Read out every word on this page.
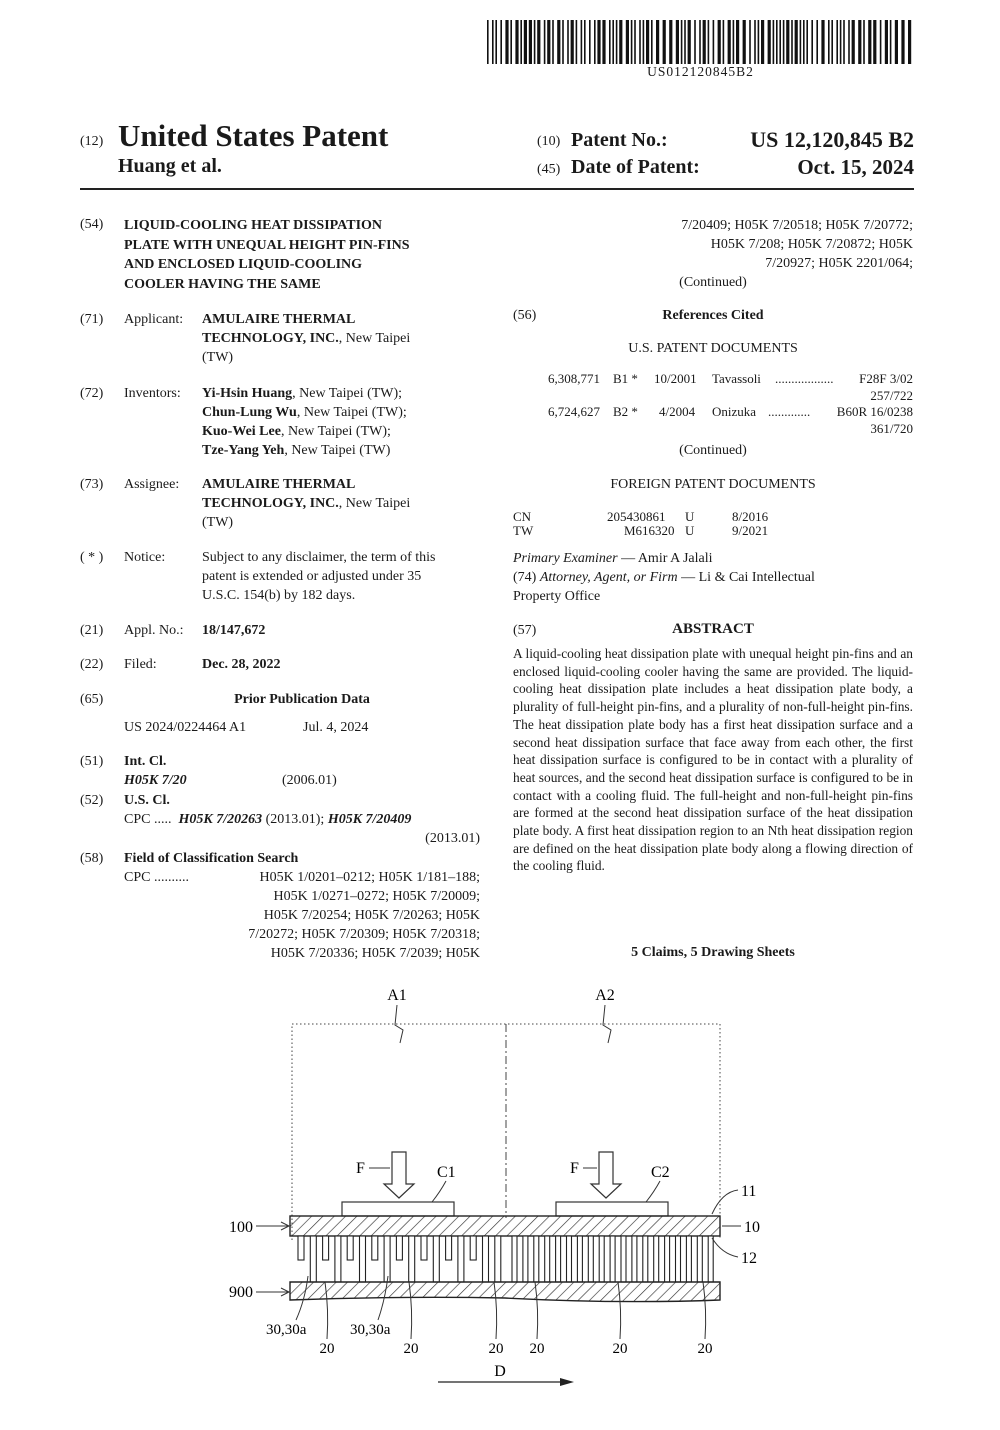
US012120845B2
(12) United States Patent
Huang et al.
(10) Patent No.:	US 12,120,845 B2
(45) Date of Patent:	Oct. 15, 2024
(54) LIQUID-COOLING HEAT DISSIPATION
PLATE WITH UNEQUAL HEIGHT PIN-FINS
AND ENCLOSED LIQUID-COOLING
COOLER HAVING THE SAME
(71) Applicant: AMULAIRE THERMAL
TECHNOLOGY, INC., New Taipei
(TW)
(72) Inventors: Yi-Hsin Huang, New Taipei (TW);
Chun-Lung Wu, New Taipei (TW);
Kuo-Wei Lee, New Taipei (TW);
Tze-Yang Yeh, New Taipei (TW)
(73) Assignee: AMULAIRE THERMAL
TECHNOLOGY, INC., New Taipei
(TW)
( * ) Notice:	Subject to any disclaimer, the term of this
patent is extended or adjusted under 35
U.S.C. 154(b) by 182 days.
(21) Appl. No.: 18/147,672
(22) Filed:	Dec. 28, 2022
(65)	Prior Publication Data
US 2024/0224464 A1	Jul. 4, 2024
(51) Int. Cl.
H05K 7/20	(2006.01)
(52) U.S. Cl.
CPC ..... H05K 7/20263 (2013.01); H05K 7/20409
(2013.01)
(58) Field of Classification Search
CPC ..........	H05K 1/0201–0212; H05K 1/181–188;
H05K 1/0271–0272; H05K 7/20009;
H05K 7/20254; H05K 7/20263; H05K
7/20272; H05K 7/20309; H05K 7/20318;
H05K 7/20336; H05K 7/2039; H05K
7/20409; H05K 7/20518; H05K 7/20772;
H05K 7/208; H05K 7/20872; H05K
7/20927; H05K 2201/064;
(Continued)
(56)	References Cited
U.S. PATENT DOCUMENTS
6,308,771 B1 * 10/2001 Tavassoli .................. F28F 3/02
257/722
6,724,627 B2 * 4/2004 Onizuka ............. B60R 16/0238
361/720
(Continued)
FOREIGN PATENT DOCUMENTS
CN	205430861 U	8/2016
TW	M616320 U	9/2021
Primary Examiner — Amir A Jalali
(74) Attorney, Agent, or Firm — Li & Cai Intellectual
Property Office
(57)	ABSTRACT
A liquid-cooling heat dissipation plate with unequal height pin-fins and an enclosed liquid-cooling cooler having the same are provided. The liquid-cooling heat dissipation plate includes a heat dissipation plate body, a plurality of full-height pin-fins, and a plurality of non-full-height pin-fins. The heat dissipation plate body has a first heat dissipation surface and a second heat dissipation surface that face away from each other, the first heat dissipation surface is configured to be in contact with a plurality of heat sources, and the second heat dissipation surface is configured to be in contact with a cooling fluid. The full-height and non-full-height pin-fins are formed at the second heat dissipation surface of the heat dissipation plate body. A first heat dissipation region to an Nth heat dissipation region are defined on the heat dissipation plate body along a flowing direction of the cooling fluid.
5 Claims, 5 Drawing Sheets
A1	A2
F	F
C1	C2
100
900
11
10
12
30,30a	30,30a
20	20	20 20	20	20
D
